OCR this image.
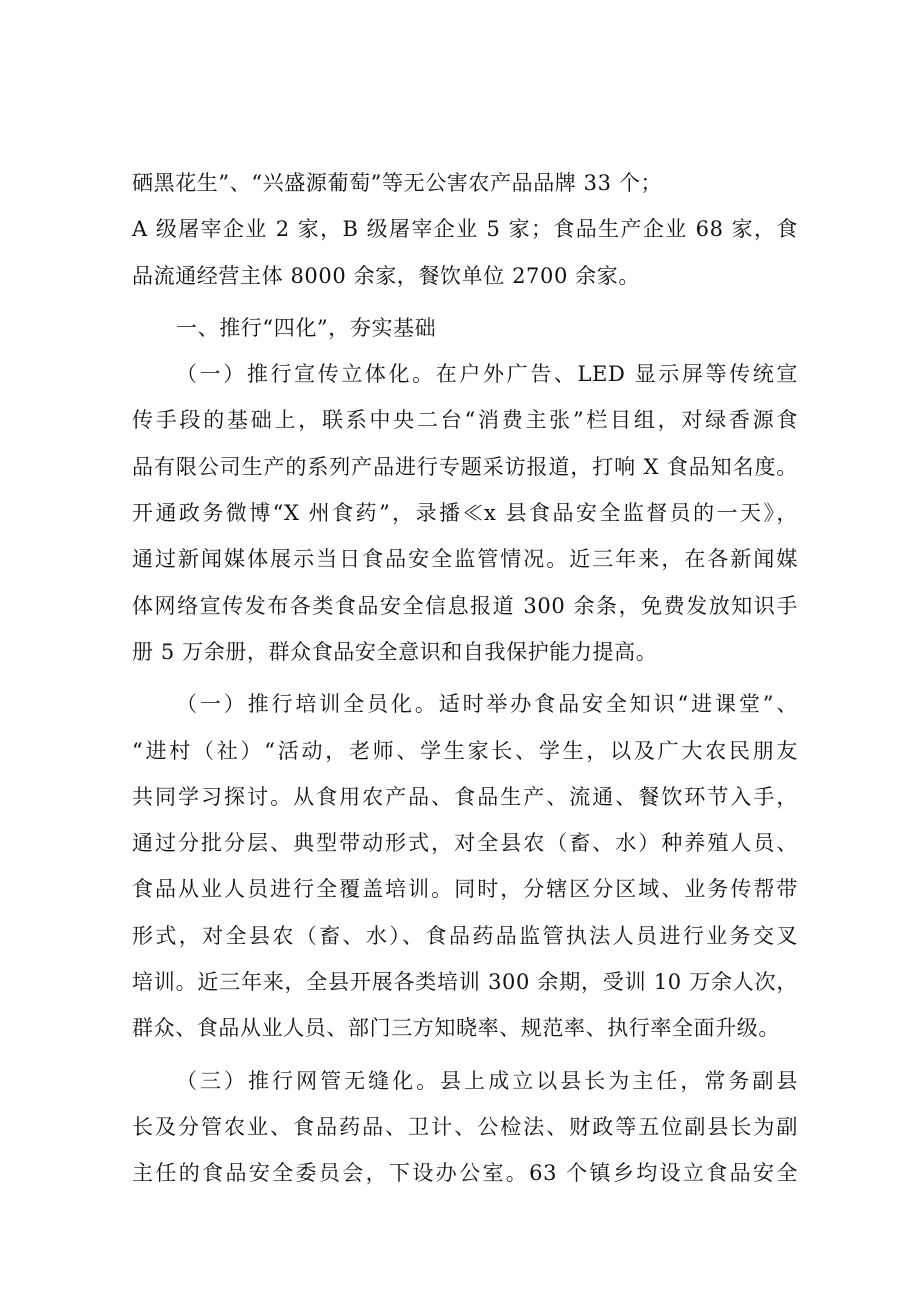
硒黑花生”、“兴盛源葡萄”等无公害农产品品牌 33 个；
A 级屠宰企业 2 家，B 级屠宰企业 5 家；食品生产企业 68 家，食
品流通经营主体 8000 余家，餐饮单位 2700 余家。
一、推行“四化”，夯实基础
（一）推行宣传立体化。在户外广告、LED 显示屏等传统宣
传手段的基础上，联系中央二台“消费主张”栏目组，对绿香源食
品有限公司生产的系列产品进行专题采访报道，打响 X 食品知名度。
开通政务微博“X 州食药”，录播≪x 县食品安全监督员的一天》，
通过新闻媒体展示当日食品安全监管情况。近三年来，在各新闻媒
体网络宣传发布各类食品安全信息报道 300 余条，免费发放知识手
册 5 万余册，群众食品安全意识和自我保护能力提高。
（一）推行培训全员化。适时举办食品安全知识“进课堂”、
“进村（社）“活动，老师、学生家长、学生，以及广大农民朋友
共同学习探讨。从食用农产品、食品生产、流通、餐饮环节入手，
通过分批分层、典型带动形式，对全县农（畜、水）种养殖人员、
食品从业人员进行全覆盖培训。同时，分辖区分区域、业务传帮带
形式，对全县农（畜、水）、食品药品监管执法人员进行业务交叉
培训。近三年来，全县开展各类培训 300 余期，受训 10 万余人次，
群众、食品从业人员、部门三方知晓率、规范率、执行率全面升级。
（三）推行网管无缝化。县上成立以县长为主任，常务副县
长及分管农业、食品药品、卫计、公检法、财政等五位副县长为副
主任的食品安全委员会，下设办公室。63 个镇乡均设立食品安全
